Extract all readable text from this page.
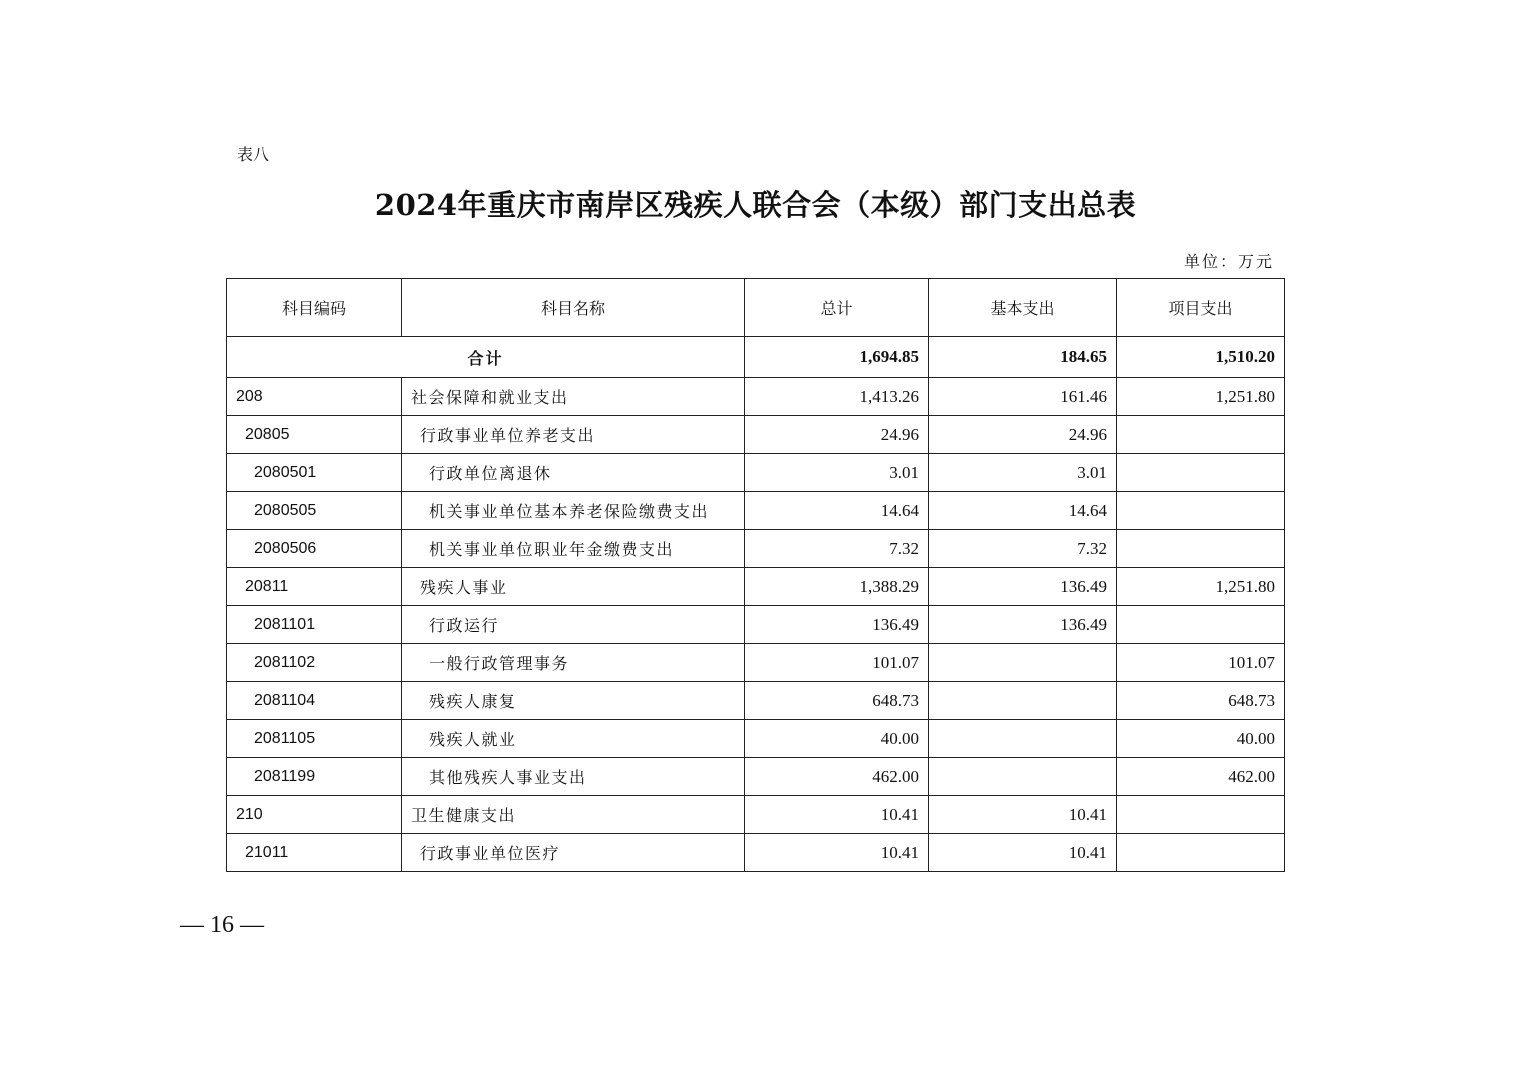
表八
2024年重庆市南岸区残疾人联合会（本级）部门支出总表
单位：万元
科目编码	科目名称	总计	基本支出	项目支出
合计		1,694.85	184.65	1,510.20
208	社会保障和就业支出	1,413.26	161.46	1,251.80
20805	行政事业单位养老支出	24.96	24.96	
2080501	行政单位离退休	3.01	3.01	
2080505	机关事业单位基本养老保险缴费支出	14.64	14.64	
2080506	机关事业单位职业年金缴费支出	7.32	7.32	
20811	残疾人事业	1,388.29	136.49	1,251.80
2081101	行政运行	136.49	136.49	
2081102	一般行政管理事务	101.07		101.07
2081104	残疾人康复	648.73		648.73
2081105	残疾人就业	40.00		40.00
2081199	其他残疾人事业支出	462.00		462.00
210	卫生健康支出	10.41	10.41	
21011	行政事业单位医疗	10.41	10.41	
— 16 —
